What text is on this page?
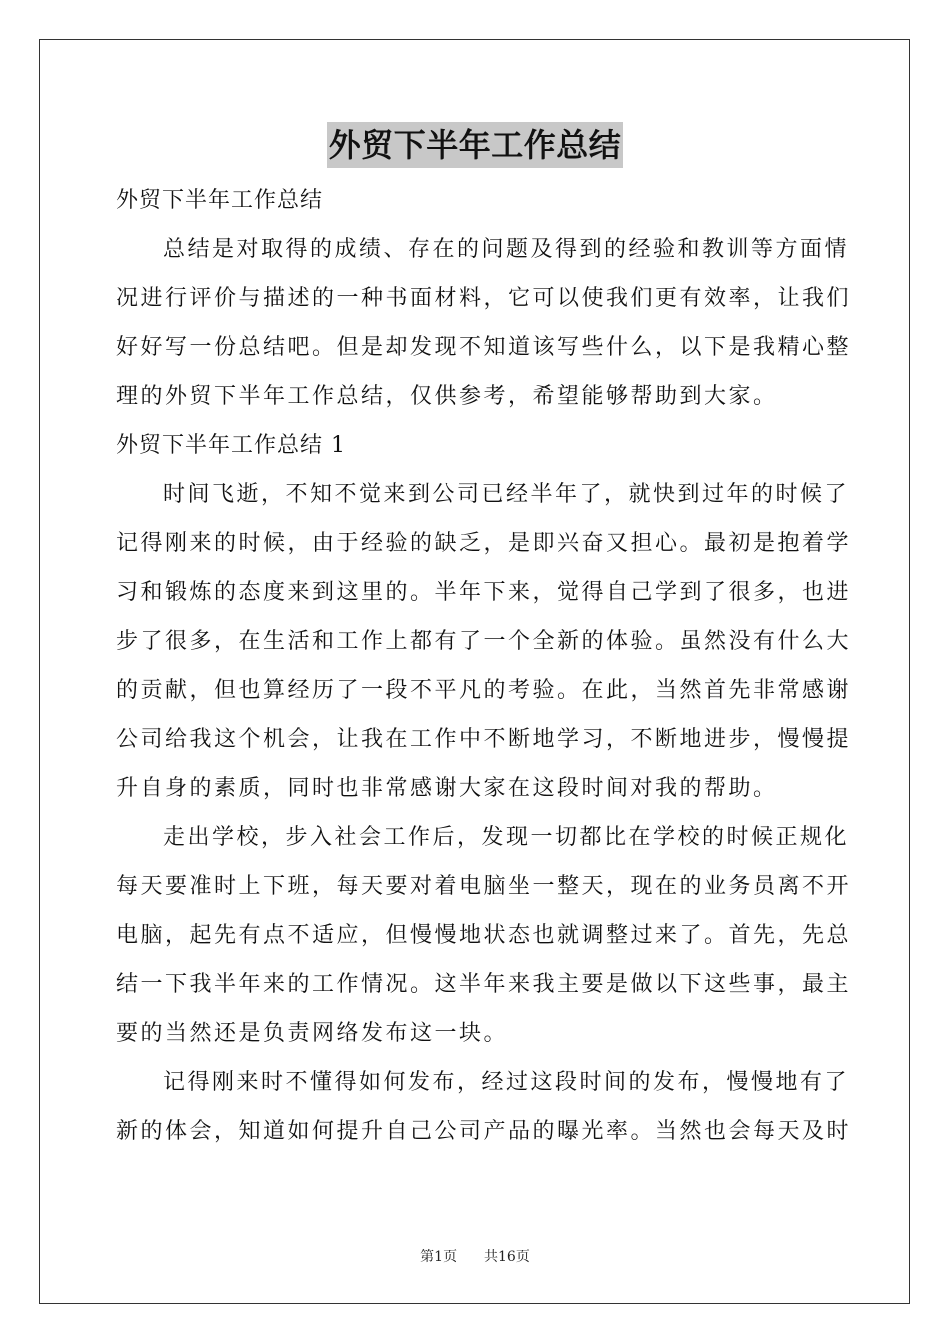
外贸下半年工作总结
外贸下半年工作总结
总结是对取得的成绩、存在的问题及得到的经验和教训等方面情
况进行评价与描述的一种书面材料，它可以使我们更有效率，让我们
好好写一份总结吧。但是却发现不知道该写些什么，以下是我精心整
理的外贸下半年工作总结，仅供参考，希望能够帮助到大家。
外贸下半年工作总结 1
时间飞逝，不知不觉来到公司已经半年了，就快到过年的时候了
记得刚来的时候，由于经验的缺乏，是即兴奋又担心。最初是抱着学
习和锻炼的态度来到这里的。半年下来，觉得自己学到了很多，也进
步了很多，在生活和工作上都有了一个全新的体验。虽然没有什么大
的贡献，但也算经历了一段不平凡的考验。在此，当然首先非常感谢
公司给我这个机会，让我在工作中不断地学习，不断地进步，慢慢提
升自身的素质，同时也非常感谢大家在这段时间对我的帮助。
走出学校，步入社会工作后，发现一切都比在学校的时候正规化
每天要准时上下班，每天要对着电脑坐一整天，现在的业务员离不开
电脑，起先有点不适应，但慢慢地状态也就调整过来了。首先，先总
结一下我半年来的工作情况。这半年来我主要是做以下这些事，最主
要的当然还是负责网络发布这一块。
记得刚来时不懂得如何发布，经过这段时间的发布，慢慢地有了
新的体会，知道如何提升自己公司产品的曝光率。当然也会每天及时
第1页 共16页
